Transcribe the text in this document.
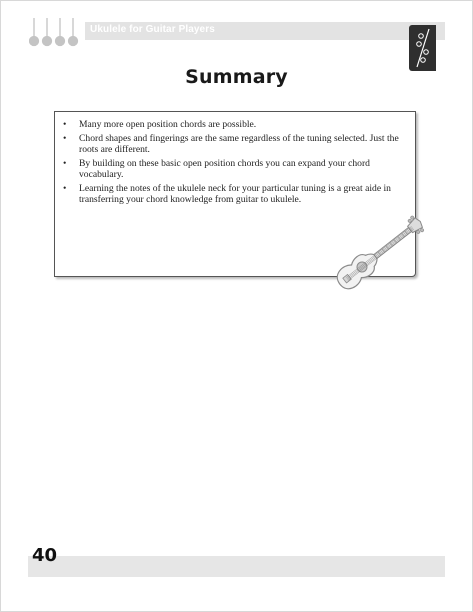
Ukulele for Guitar Players
Summary
• Many more open position chords are possible.
• Chord shapes and fingerings are the same regardless of the tuning selected. Just the roots are different.
• By building on these basic open position chords you can expand your chord vocabulary.
• Learning the notes of the ukulele neck for your particular tuning is a great aide in transferring your chord knowledge from guitar to ukulele.
40
